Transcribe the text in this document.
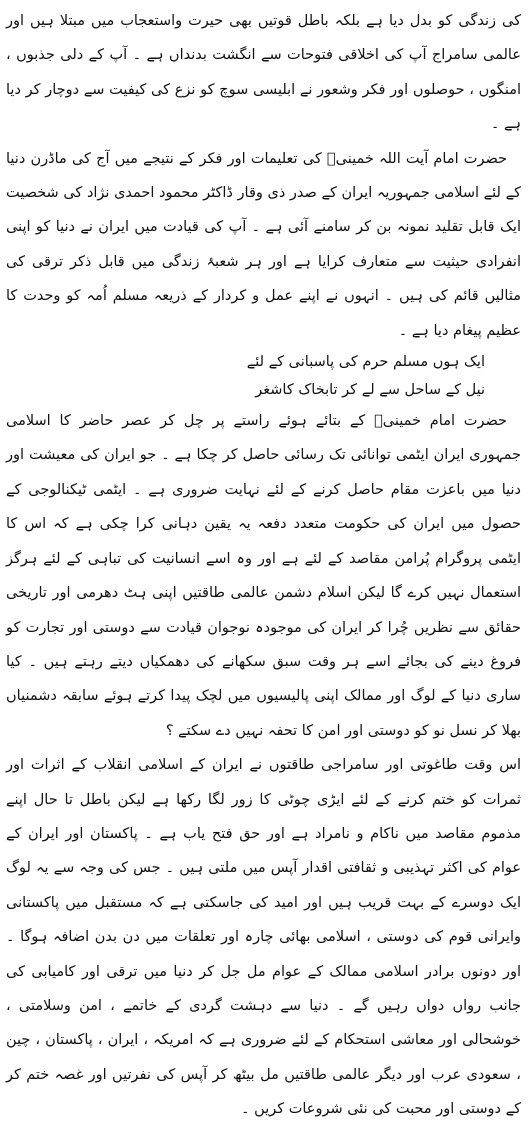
کی زندگی کو بدل دیا ہے بلکہ باطل قوتیں بھی حیرت واستعجاب میں مبتلا ہیں اور عالمی سامراج آپ کی اخلاقی فتوحات سے انگشت بدنداں ہے ۔ آپ کے دلی جذبوں ، امنگوں ، حوصلوں اور فکر وشعور نے ابلیسی سوچ کو نزع کی کیفیت سے دوچار کر دیا ہے ۔

حضرت امام آیت اللہ خمینیؒ کی تعلیمات اور فکر کے نتیجے میں آج کی ماڈرن دنیا کے لئے اسلامی جمہوریہ ایران کے صدر ذی وقار ڈاکٹر محمود احمدی نژاد کی شخصیت ایک قابل تقلید نمونہ بن کر سامنے آئی ہے ۔ آپ کی قیادت میں ایران نے دنیا کو اپنی انفرادی حیثیت سے متعارف کرایا ہے اور ہر شعبۂ زندگی میں قابل ذکر ترقی کی مثالیں قائم کی ہیں ۔ انہوں نے اپنے عمل و کردار کے ذریعہ مسلم اُمہ کو وحدت کا عظیم پیغام دیا ہے ۔

ایک ہوں مسلم حرم کی پاسبانی کے لئے
نیل کے ساحل سے لے کر تابخاک کاشغر

حضرت امام خمینیؒ کے بتائے ہوئے راستے پر چل کر عصر حاضر کا اسلامی جمہوری ایران ایٹمی توانائی تک رسائی حاصل کر چکا ہے ۔ جو ایران کی معیشت اور دنیا میں باعزت مقام حاصل کرنے کے لئے نہایت ضروری ہے ۔ ایٹمی ٹیکنالوجی کے حصول میں ایران کی حکومت متعدد دفعہ یہ یقین دہانی کرا چکی ہے کہ اس کا ایٹمی پروگرام پُرامن مقاصد کے لئے ہے اور وہ اسے انسانیت کی تباہی کے لئے ہرگز استعمال نہیں کرے گا لیکن اسلام دشمن عالمی طاقتیں اپنی ہٹ دھرمی اور تاریخی حقائق سے نظریں چُرا کر ایران کی موجودہ نوجوان قیادت سے دوستی اور تجارت کو فروغ دینے کی بجائے اسے ہر وقت سبق سکھانے کی دھمکیاں دیتے رہتے ہیں ۔ کیا ساری دنیا کے لوگ اور ممالک اپنی پالیسیوں میں لچک پیدا کرتے ہوئے سابقہ دشمنیاں بھلا کر نسل نو کو دوستی اور امن کا تحفہ نہیں دے سکتے ؟

اس وقت طاغوتی اور سامراجی طاقتوں نے ایران کے اسلامی انقلاب کے اثرات اور ثمرات کو ختم کرنے کے لئے ایڑی چوٹی کا زور لگا رکھا ہے لیکن باطل تا حال اپنے مذموم مقاصد میں ناکام و نامراد ہے اور حق فتح یاب ہے ۔ پاکستان اور ایران کے عوام کی اکثر تہذیبی و ثقافتی اقدار آپس میں ملتی ہیں ۔ جس کی وجہ سے یہ لوگ ایک دوسرے کے بہت قریب ہیں اور امید کی جاسکتی ہے کہ مستقبل میں پاکستانی وایرانی قوم کی دوستی ، اسلامی بھائی چارہ اور تعلقات میں دن بدن اضافہ ہوگا ۔ اور دونوں برادر اسلامی ممالک کے عوام مل جل کر دنیا میں ترقی اور کامیابی کی جانب رواں دواں رہیں گے ۔ دنیا سے دہشت گردی کے خاتمے ، امن وسلامتی ، خوشحالی اور معاشی استحکام کے لئے ضروری ہے کہ امریکہ ، ایران ، پاکستان ، چین ، سعودی عرب اور دیگر عالمی طاقتیں مل بیٹھ کر آپس کی نفرتیں اور غصہ ختم کر کے دوستی اور محبت کی نئی شروعات کریں ۔
